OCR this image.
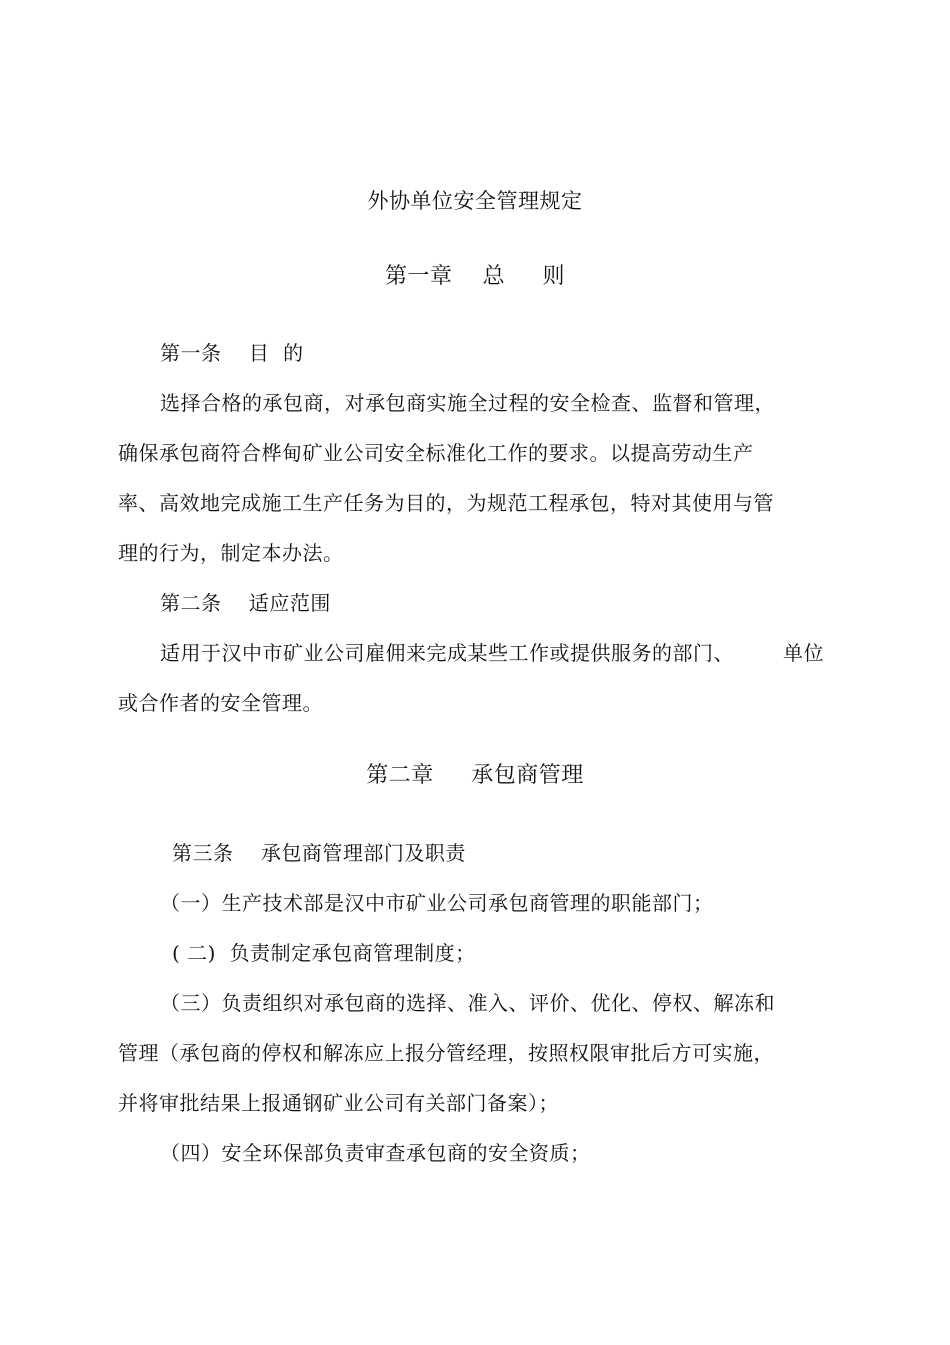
外协单位安全管理规定
第一章    总     则
第一条    目  的
选择合格的承包商，对承包商实施全过程的安全检查、监督和管理，
确保承包商符合桦甸矿业公司安全标准化工作的要求。以提高劳动生产
率、高效地完成施工生产任务为目的，为规范工程承包，特对其使用与管
理的行为，制定本办法。
第二条    适应范围
适用于汉中市矿业公司雇佣来完成某些工作或提供服务的部门、 单位
或合作者的安全管理。
第二章     承包商管理
第三条    承包商管理部门及职责
（一）生产技术部是汉中市矿业公司承包商管理的职能部门；
( 二)  负责制定承包商管理制度；
（三）负责组织对承包商的选择、准入、评价、优化、停权、解冻和
管理（承包商的停权和解冻应上报分管经理，按照权限审批后方可实施，
并将审批结果上报通钢矿业公司有关部门备案）；
（四）安全环保部负责审查承包商的安全资质；
